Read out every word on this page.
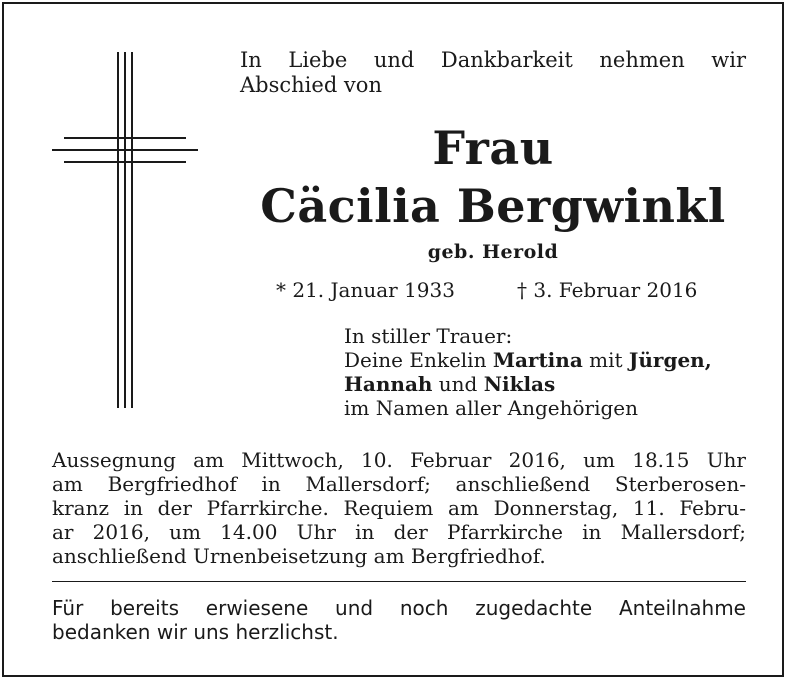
In Liebe und Dankbarkeit nehmen wir
Abschied von

Frau
Cäcilia Bergwinkl

geb. Herold

* 21. Januar 1933	† 3. Februar 2016

In stiller Trauer:
Deine Enkelin Martina mit Jürgen,
Hannah und Niklas
im Namen aller Angehörigen

Aussegnung am Mittwoch, 10. Februar 2016, um 18.15 Uhr
am Bergfriedhof in Mallersdorf; anschließend Sterberosen-
kranz in der Pfarrkirche. Requiem am Donnerstag, 11. Febru-
ar 2016, um 14.00 Uhr in der Pfarrkirche in Mallersdorf;
anschließend Urnenbeisetzung am Bergfriedhof.

Für bereits erwiesene und noch zugedachte Anteilnahme
bedanken wir uns herzlichst.
